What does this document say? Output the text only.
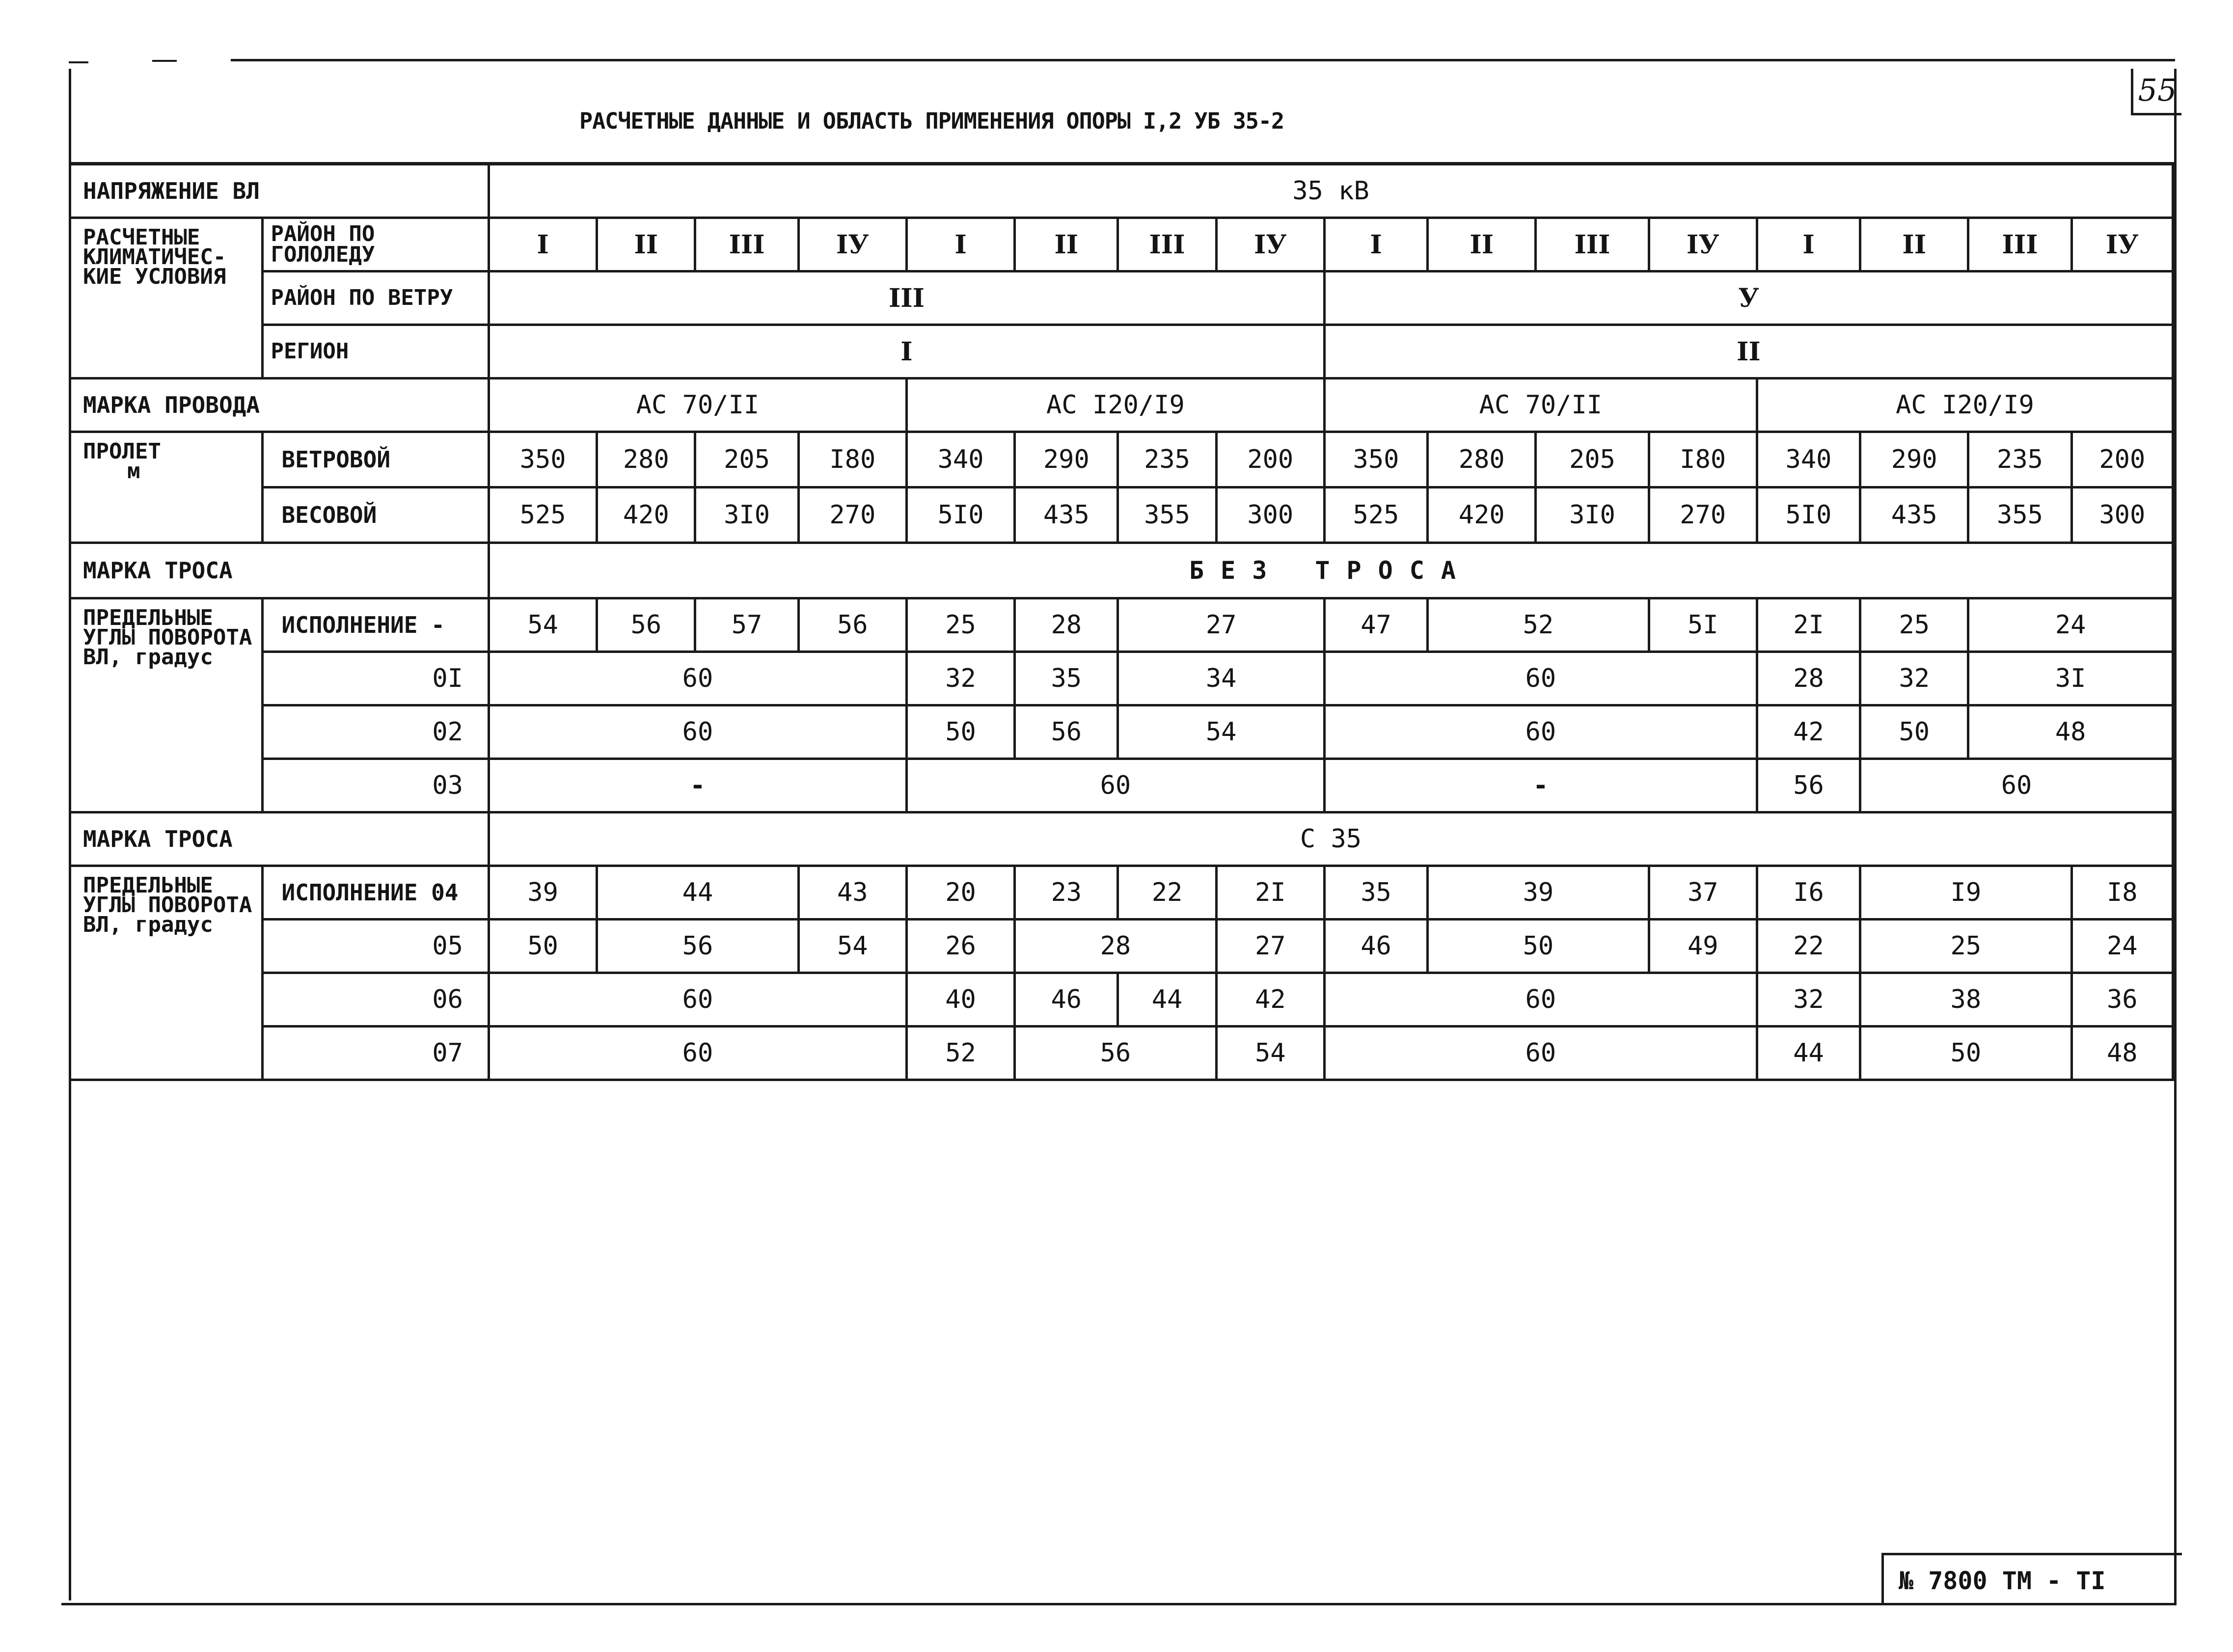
55
РАСЧЕТНЫЕ ДАННЫЕ И ОБЛАСТЬ ПРИМЕНЕНИЯ ОПОРЫ I,2 УБ 35-2
НАПРЯЖЕНИЕ ВЛ		35 кВ															
РАСЧЕТНЫЕ КЛИМАТИЧЕС-КИЕ УСЛОВИЯ	РАЙОН ПО ГОЛОЛЕДУ	I	II	III	IУ	I	II	III	IУ	I	II	III	IУ	I	II	III	IУ
	РАЙОН ПО ВЕТРУ	III								У							
	РЕГИОН	I								II							
МАРКА ПРОВОДА		АС 70/II				АС I20/I9				АС 70/II				АС I20/I9			
ПРОЛЕТ
м	ВЕТРОВОЙ	350	280	205	I80	340	290	235	200	350	280	205	I80	340	290	235	200
	ВЕСОВОЙ	525	420	3I0	270	5I0	435	355	300	525	420	3I0	270	5I0	435	355	300
МАРКА ТРОСА		БЕЗ ТРОСА															
ПРЕДЕЛЬНЫЕ УГЛЫ ПОВОРОТА ВЛ, градус	ИСПОЛНЕНИЕ -	54	56	57	56	25	28	27		47	52		5I	2I	25	24	
	0I	60				32	35	34		60				28	32	3I	
	02	60				50	56	54		60				42	50	48	
	03	-				60				-				56	60		
МАРКА ТРОСА		С 35															
ПРЕДЕЛЬНЫЕ УГЛЫ ПОВОРОТА ВЛ, градус	ИСПОЛНЕНИЕ 04	39	44		43	20	23	22	2I	35	39		37	I6	I9		I8
	05	50	56		54	26	28		27	46	50		49	22	25		24
	06	60				40	46	44	42	60				32	38		36
	07	60				52	56		54	60				44	50		48
№ 7800 ТМ - ТI
